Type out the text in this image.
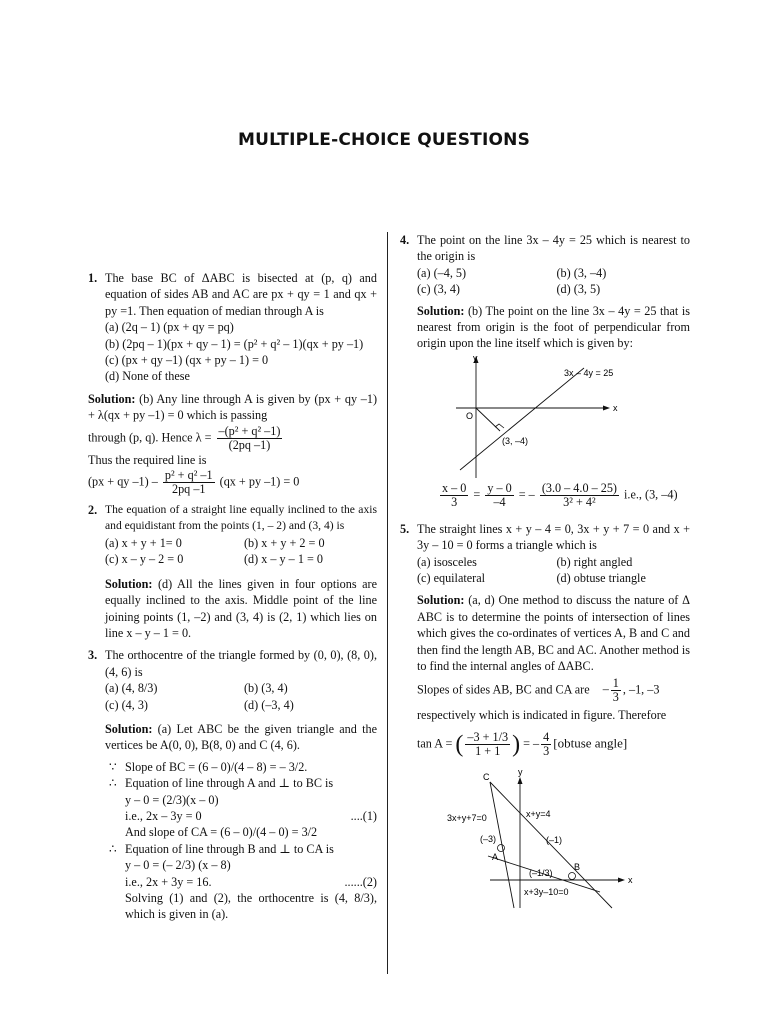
MULTIPLE-CHOICE QUESTIONS
1. The base BC of ΔABC is bisected at (p, q) and equation of sides AB and AC are px + qy = 1 and qx + py =1. Then equation of median through A is
(a) (2q – 1) (px + qy = pq)
(b) (2pq – 1)(px + qy – 1) = (p² + q² – 1)(qx + py –1)
(c) (px + qy –1) (qx + py – 1) = 0
(d) None of these
Solution: (b) Any line through A is given by (px + qy –1) + λ(qx + py –1) = 0 which is passing
through (p, q). Hence $\lambda = \frac{\text{–(p² + q² –1)}}{(2pq -1)}$
Thus the required line is
(px + qy $-1) - \frac{\text{p² + q² –1}}{2pq -1} (qx$ + py –1) = 0
2. The equation of a straight line equally inclined to the axis and equidistant from the points (1, – 2) and (3, 4) is
(a) x + y + 1= 0	(b) x + y + 2 = 0
(c) x – y – 2 = 0	(d) x – y – 1 = 0
Solution: (d) All the lines given in four options are equally inclined to the axis. Middle point of the line joining points (1, –2) and (3, 4) is (2, 1) which lies on line x – y – 1 = 0.
3. The orthocentre of the triangle formed by (0, 0), (8, 0), (4, 6) is
(a) (4, 8/3)	(b) (3, 4)
(c) (4, 3)	(d) (–3, 4)
Solution: (a) Let ABC be the given triangle and the vertices be A(0, 0), B(8, 0) and C (4, 6).
∵ Slope of BC = (6 – 0)/(4 – 8) = – 3/2.
∴ Equation of line through A and ⊥ to BC is
y – 0 = (2/3)(x – 0)
i.e., 2x – 3y = 0	....(1)
And slope of CA = (6 – 0)/(4 – 0) = 3/2
∴ Equation of line through B and ⊥ to CA is
y – 0 = (– 2/3) (x – 8)
i.e., 2x + 3y = 16.	......(2)
Solving (1) and (2), the orthocentre is (4, 8/3), which is given in (a).
4. The point on the line 3x – 4y = 25 which is nearest to the origin is
(a) (–4, 5)	(b) (3, –4)
(c) (3, 4)	(d) (3, 5)
Solution: (b) The point on the line 3x – 4y = 25 that is nearest from origin is the foot of perpendicular from origin upon the line itself which is given by:
y
x
O
3x – 4y = 25
(3, –4)
$\frac{x - 0}{3} = \frac{y - 0}{-4}$ = – $\frac{(3.0 - 4.0 - 25)}{\text{3² + 4²}} i.e$., (3, –4)
5. The straight lines x + y – 4 = 0, 3x + y + 7 = 0 and x + 3y – 10 = 0 forms a triangle which is
(a) isosceles	(b) right angled
(c) equilateral	(d) obtuse triangle
Solution: (a, d) One method to discuss the nature of Δ ABC is to determine the points of intersection of lines which gives the co-ordinates of vertices A, B and C and then find the length AB, BC and AC. Another method is to find the internal angles of ΔABC.
Slopes of sides AB, BC and CA are – $\frac{1}{3}$ , –1, –3
respectively which is indicated in figure. Therefore
tan A = ( $\frac{-3 + 1/3}{1 + 1}$ ) = – $\frac{4}{3}$ [obtuse angle]
C	y
3x+y+7=0	x+y=4
(–3)	(–1)
A
B
(–1/3)
x
x+3y–10=0
